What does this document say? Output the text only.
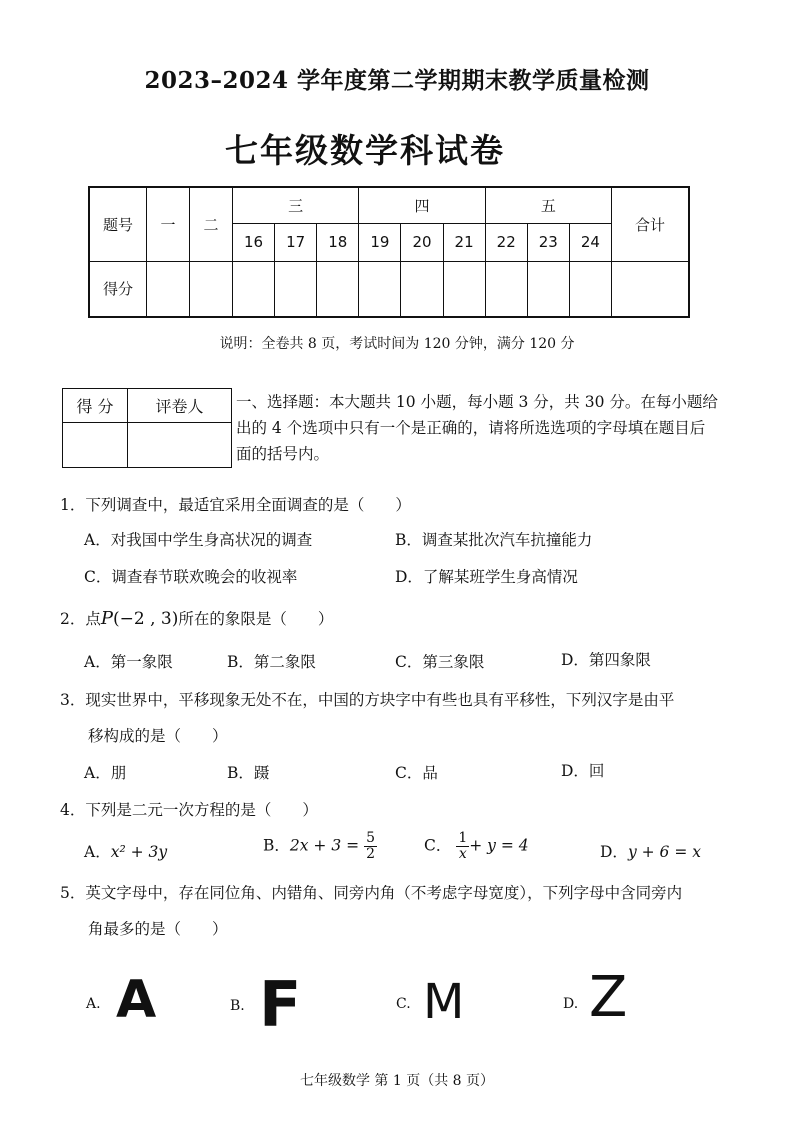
2023–2024 学年度第二学期期末教学质量检测
七年级数学科试卷
题号	一	二	三			四			五			合计
			16	17	18	19	20	21	22	23	24	
得分												
说明：全卷共 8 页，考试时间为 120 分钟，满分 120 分
得 分	评卷人
	一、选择题：本大题共 10 小题，每小题 3 分，共 30 分。在每小题给出的 4 个选项中只有一个是正确的，请将所选选项的字母填在题目后面的括号内。
1．下列调查中，最适宜采用全面调查的是（　　）
A．对我国中学生身高状况的调查	B．调查某批次汽车抗撞能力
C．调查春节联欢晚会的收视率	D．了解某班学生身高情况
2．点P(−2 , 3)所在的象限是（　　）
A．第一象限	B．第二象限	C．第三象限	D．第四象限
3．现实世界中，平移现象无处不在，中国的方块字中有些也具有平移性，下列汉字是由平
移构成的是（　　）
A．朋	B．蹑	C．品	D．回
4．下列是二元一次方程的是（　　）
A．x² + 3y	B．$2x + 3 = \frac{5}{2}$	C． $\frac{1}{x} + y = 4$	D．y + 6 = x
5．英文字母中，存在同位角、内错角、同旁内角（不考虑字母宽度），下列字母中含同旁内
角最多的是（　　）
A. A	B. F	C. M	D. Z
七年级数学 第 1 页（共 8 页）
